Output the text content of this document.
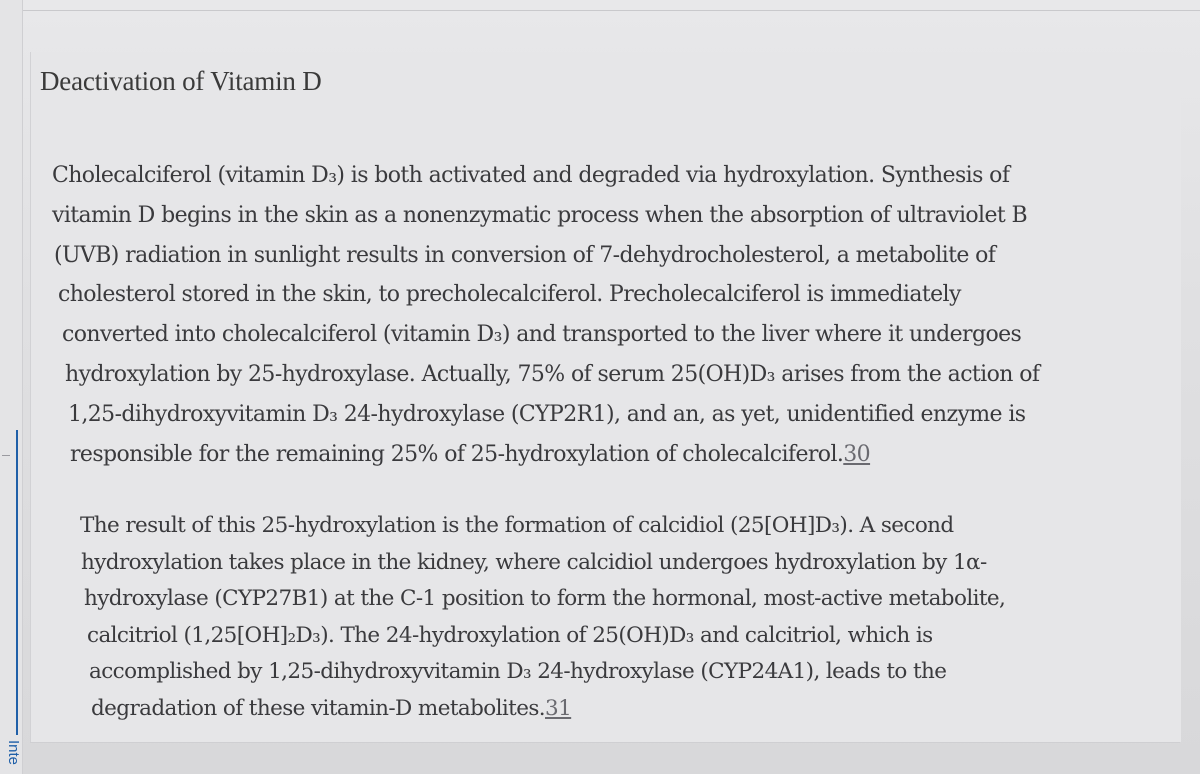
Inte
Deactivation of Vitamin D
Cholecalciferol (vitamin D₃) is both activated and degraded via hydroxylation. Synthesis of
vitamin D begins in the skin as a nonenzymatic process when the absorption of ultraviolet B
(UVB) radiation in sunlight results in conversion of 7-dehydrocholesterol, a metabolite of
cholesterol stored in the skin, to precholecalciferol. Precholecalciferol is immediately
converted into cholecalciferol (vitamin D₃) and transported to the liver where it undergoes
hydroxylation by 25-hydroxylase. Actually, 75% of serum 25(OH)D₃ arises from the action of
1,25-dihydroxyvitamin D₃ 24-hydroxylase (CYP2R1), and an, as yet, unidentified enzyme is
responsible for the remaining 25% of 25-hydroxylation of cholecalciferol.30
The result of this 25-hydroxylation is the formation of calcidiol (25[OH]D₃). A second
hydroxylation takes place in the kidney, where calcidiol undergoes hydroxylation by 1α-
hydroxylase (CYP27B1) at the C-1 position to form the hormonal, most-active metabolite,
calcitriol (1,25[OH]₂D₃). The 24-hydroxylation of 25(OH)D₃ and calcitriol, which is
accomplished by 1,25-dihydroxyvitamin D₃ 24-hydroxylase (CYP24A1), leads to the
degradation of these vitamin-D metabolites.31
